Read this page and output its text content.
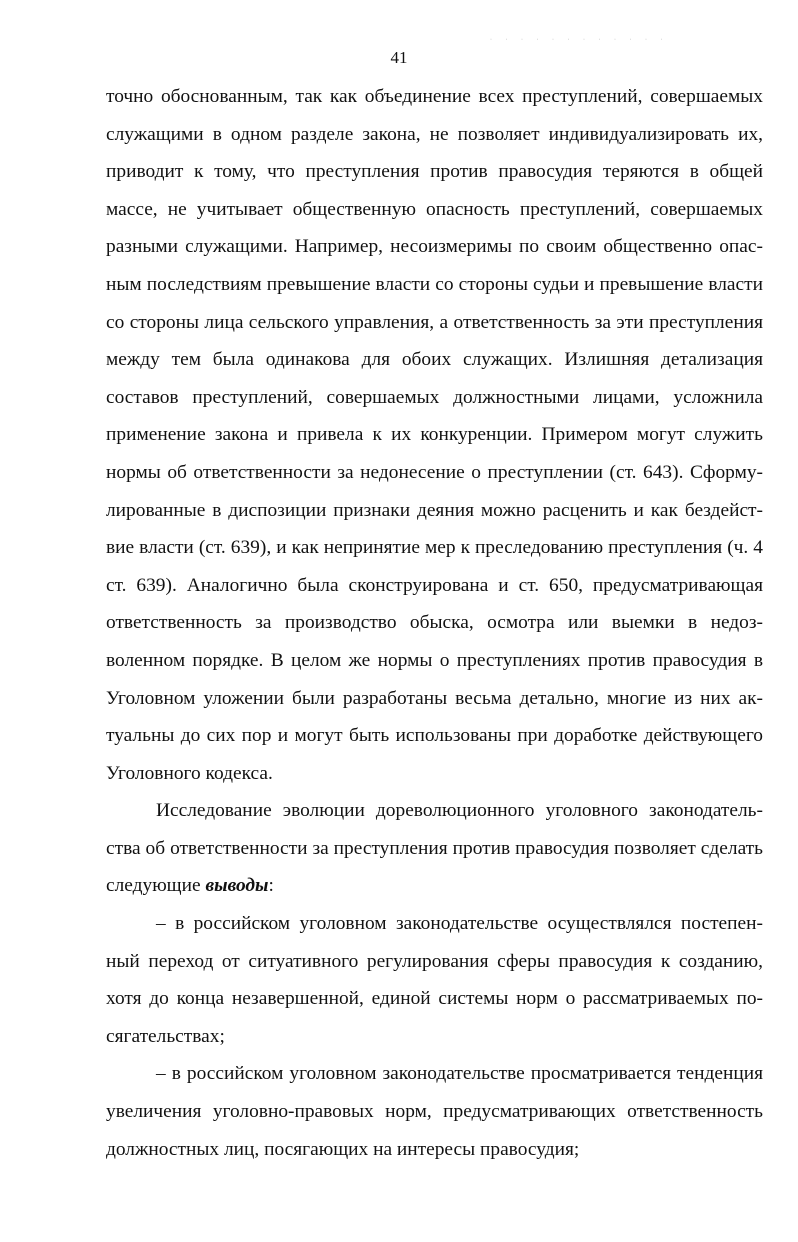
· · · · · · · · · · · ·
41

точно обоснованным, так как объединение всех преступлений, совершаемых служащими в одном разделе закона, не позволяет индивидуализировать их, приводит к тому, что преступления против правосудия теряются в общей массе, не учитывает общественную опасность преступлений, совершаемых разными служащими. Например, несоизмеримы по своим общественно опасным последствиям превышение власти со стороны судьи и превышение власти со стороны лица сельского управления, а ответственность за эти преступления между тем была одинакова для обоих служащих. Излишняя детализация составов преступлений, совершаемых должностными лицами, усложнила применение закона и привела к их конкуренции. Примером могут служить нормы об ответственности за недонесение о преступлении (ст. 643). Сформулированные в диспозиции признаки деяния можно расценить и как бездействие власти (ст. 639), и как непринятие мер к преследованию преступления (ч. 4 ст. 639). Аналогично была сконструирована и ст. 650, предусматривающая ответственность за производство обыска, осмотра или выемки в недозволенном порядке. В целом же нормы о преступлениях против правосудия в Уголовном уложении были разработаны весьма детально, многие из них актуальны до сих пор и могут быть использованы при доработке действующего Уголовного кодекса.

Исследование эволюции дореволюционного уголовного законодательства об ответственности за преступления против правосудия позволяет сделать следующие выводы:

– в российском уголовном законодательстве осуществлялся постепенный переход от ситуативного регулирования сферы правосудия к созданию, хотя до конца незавершенной, единой системы норм о рассматриваемых посягательствах;

– в российском уголовном законодательстве просматривается тенденция увеличения уголовно-правовых норм, предусматривающих ответственность должностных лиц, посягающих на интересы правосудия;
